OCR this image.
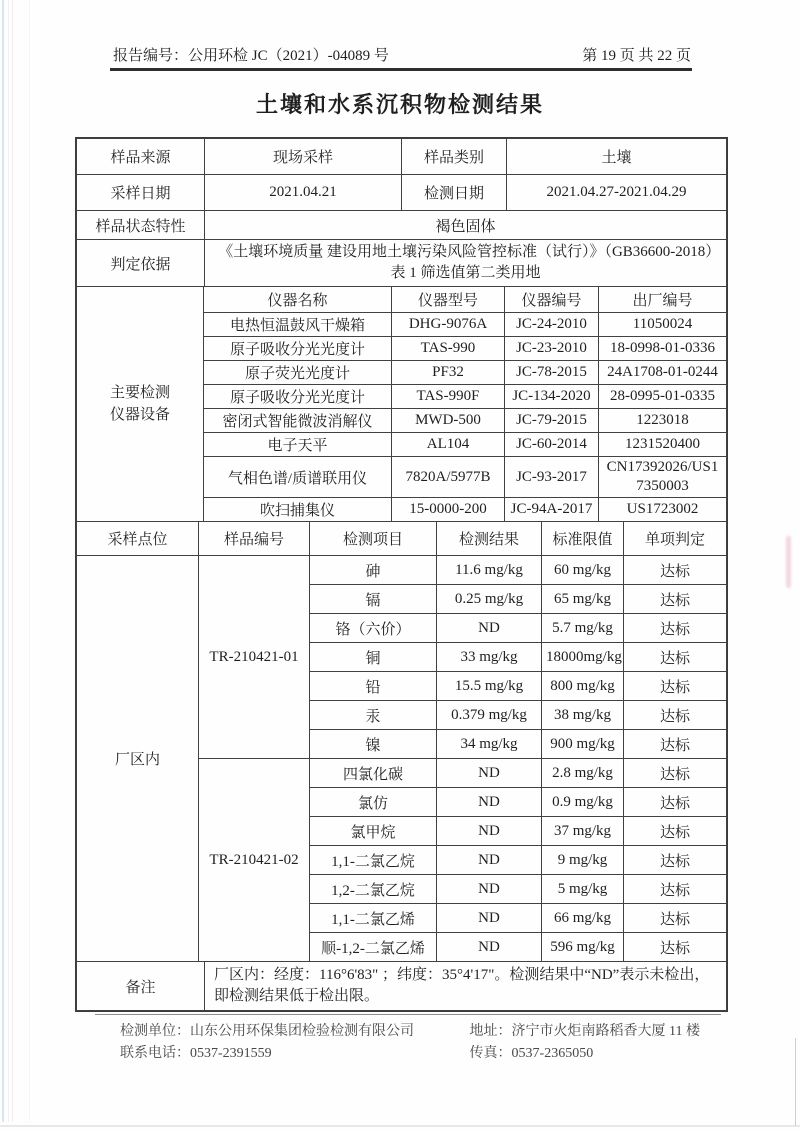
报告编号：公用环检 JC（2021）-04089 号	第 19 页 共 22 页
土壤和水系沉积物检测结果
样品来源	现场采样	样品类别	土壤
采样日期	2021.04.21	检测日期	2021.04.27-2021.04.29
样品状态特性	褐色固体		
判定依据	《土壤环境质量 建设用地土壤污染风险管控标准（试行）》（GB36600-2018）表 1 筛选值第二类用地		
主要检测
仪器设备	仪器名称	仪器型号	仪器编号	出厂编号
	电热恒温鼓风干燥箱	DHG-9076A	JC-24-2010	11050024
	原子吸收分光光度计	TAS-990	JC-23-2010	18-0998-01-0336
	原子荧光光度计	PF32	JC-78-2015	24A1708-01-0244
	原子吸收分光光度计	TAS-990F	JC-134-2020	28-0995-01-0335
	密闭式智能微波消解仪	MWD-500	JC-79-2015	1223018
	电子天平	AL104	JC-60-2014	1231520400
	气相色谱/质谱联用仪	7820A/5977B	JC-93-2017	CN17392026/US17350003
	吹扫捕集仪	15-0000-200	JC-94A-2017	US1723002
采样点位	样品编号	检测项目	检测结果	标准限值	单项判定
厂区内	TR-210421-01	砷	11.6 mg/kg	60 mg/kg	达标
		镉	0.25 mg/kg	65 mg/kg	达标
		铬（六价）	ND	5.7 mg/kg	达标
		铜	33 mg/kg	18000mg/kg	达标
		铅	15.5 mg/kg	800 mg/kg	达标
		汞	0.379 mg/kg	38 mg/kg	达标
		镍	34 mg/kg	900 mg/kg	达标
	TR-210421-02	四氯化碳	ND	2.8 mg/kg	达标
		氯仿	ND	0.9 mg/kg	达标
		氯甲烷	ND	37 mg/kg	达标
		1,1-二氯乙烷	ND	9 mg/kg	达标
		1,2-二氯乙烷	ND	5 mg/kg	达标
		1,1-二氯乙烯	ND	66 mg/kg	达标
		顺-1,2-二氯乙烯	ND	596 mg/kg	达标
备注	厂区内：经度：116°6'83" ；纬度：35°4'17"。检测结果中“ND”表示未检出，即检测结果低于检出限。
检测单位：山东公用环保集团检验检测有限公司	地址：济宁市火炬南路稻香大厦 11 楼
联系电话：0537-2391559	传真：0537-2365050
